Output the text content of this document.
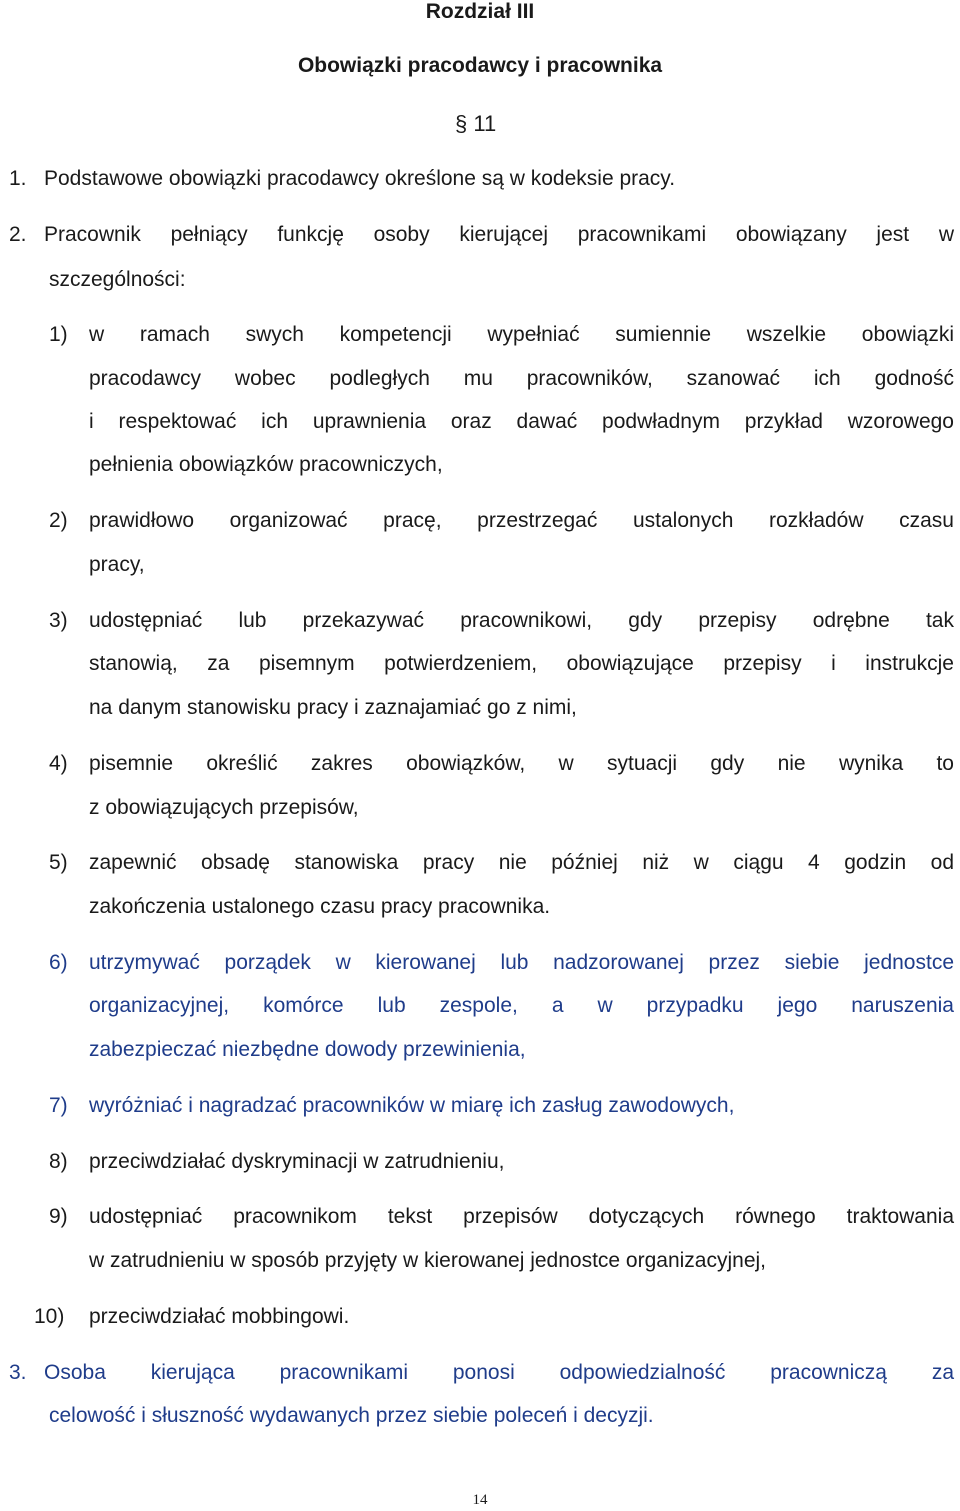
Rozdział III
Obowiązki pracodawcy i pracownika
§ 11
1. Podstawowe obowiązki pracodawcy określone są w kodeksie pracy.
2. Pracownik pełniący funkcję osoby kierującej pracownikami obowiązany jest w
szczególności:
1) w ramach swych kompetencji wypełniać sumiennie wszelkie obowiązki
pracodawcy wobec podległych mu pracowników, szanować ich godność
i respektować ich uprawnienia oraz dawać podwładnym przykład wzorowego
pełnienia obowiązków pracowniczych,
2) prawidłowo organizować pracę, przestrzegać ustalonych rozkładów czasu
pracy,
3) udostępniać lub przekazywać pracownikowi, gdy przepisy odrębne tak
stanowią, za pisemnym potwierdzeniem, obowiązujące przepisy i instrukcje
na danym stanowisku pracy i zaznajamiać go z nimi,
4) pisemnie określić zakres obowiązków, w sytuacji gdy nie wynika to
z obowiązujących przepisów,
5) zapewnić obsadę stanowiska pracy nie później niż w ciągu 4 godzin od
zakończenia ustalonego czasu pracy pracownika.
6) utrzymywać porządek w kierowanej lub nadzorowanej przez siebie jednostce
organizacyjnej, komórce lub zespole, a w przypadku jego naruszenia
zabezpieczać niezbędne dowody przewinienia,
7) wyróżniać i nagradzać pracowników w miarę ich zasług zawodowych,
8) przeciwdziałać dyskryminacji w zatrudnieniu,
9) udostępniać pracownikom tekst przepisów dotyczących równego traktowania
w zatrudnieniu w sposób przyjęty w kierowanej jednostce organizacyjnej,
10) przeciwdziałać mobbingowi.
3. Osoba kierująca pracownikami ponosi odpowiedzialność pracowniczą za
celowość i słuszność wydawanych przez siebie poleceń i decyzji.
14
